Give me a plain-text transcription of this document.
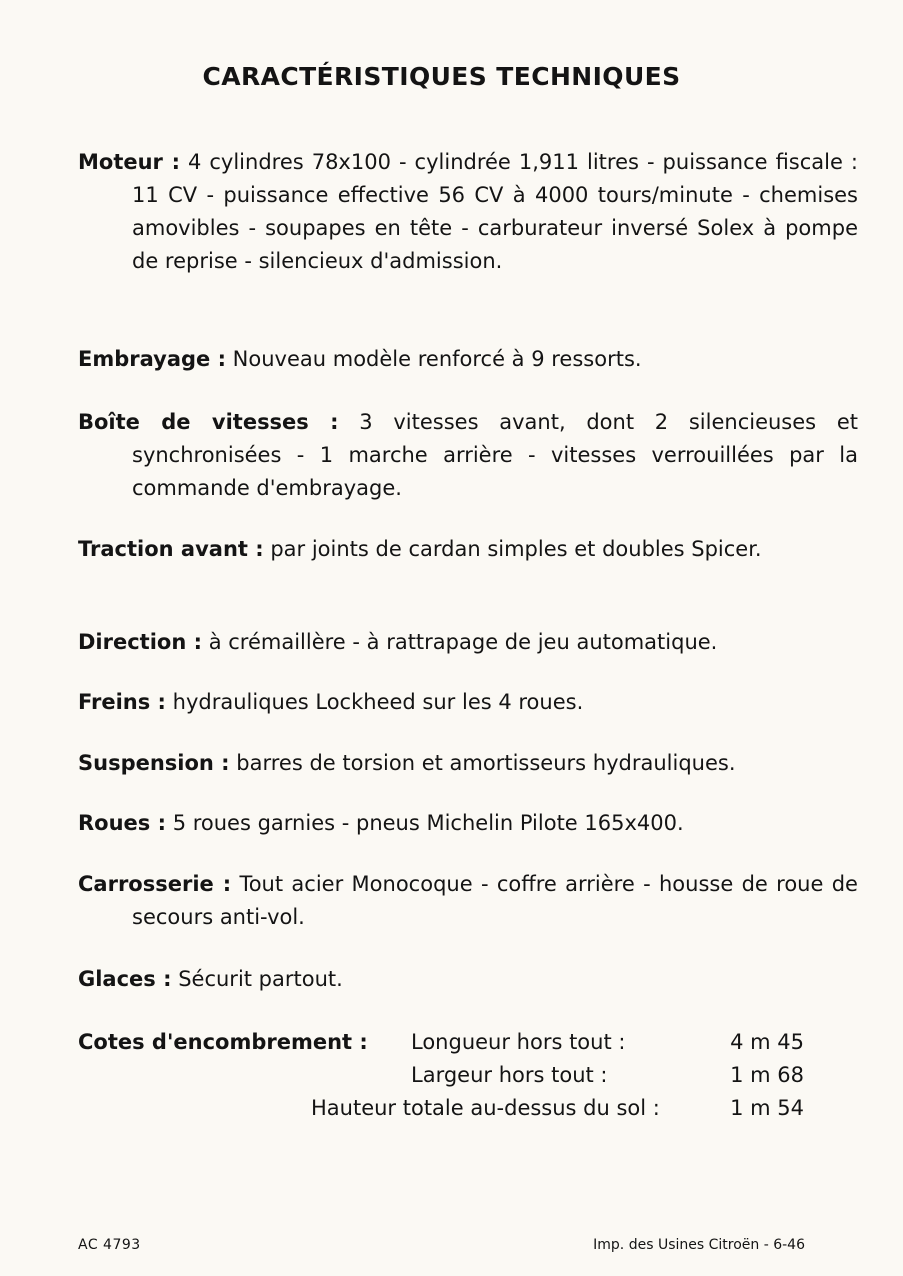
CARACTÉRISTIQUES TECHNIQUES
Moteur : 4 cylindres 78x100 - cylindrée 1,911 litres - puissance fiscale : 11 CV - puissance effective 56 CV à 4000 tours/minute - chemises amovibles - soupapes en tête - carburateur inversé Solex à pompe de reprise - silencieux d'admission.
Embrayage : Nouveau modèle renforcé à 9 ressorts.
Boîte de vitesses : 3 vitesses avant, dont 2 silencieuses et synchronisées - 1 marche arrière - vitesses verrouillées par la commande d'embrayage.
Traction avant : par joints de cardan simples et doubles Spicer.
Direction : à crémaillère - à rattrapage de jeu automatique.
Freins : hydrauliques Lockheed sur les 4 roues.
Suspension : barres de torsion et amortisseurs hydrauliques.
Roues : 5 roues garnies - pneus Michelin Pilote 165x400.
Carrosserie : Tout acier Monocoque - coffre arrière - housse de roue de secours anti-vol.
Glaces : Sécurit partout.
Cotes d'encombrement : Longueur hors tout :	4 m 45
Largeur hors tout :	1 m 68
Hauteur totale au-dessus du sol :	1 m 54
AC 4793	Imp. des Usines Citroën - 6-46
